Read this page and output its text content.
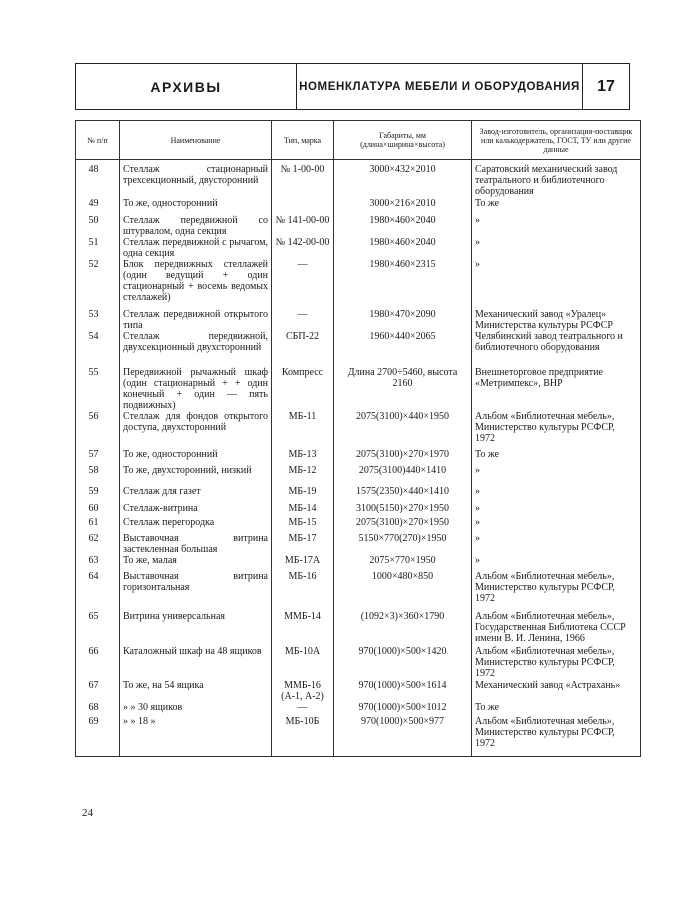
АРХИВЫ	НОМЕНКЛАТУРА МЕБЕЛИ И ОБОРУДОВАНИЯ	17
№ п/п	Наименование	Тип, марка	Габариты, мм (длина×ширина×высота)	Завод-изготовитель, организация-поставщик или калькодержатель, ГОСТ, ТУ или другие данные
48	Стеллаж стационарный трехсекционный, двусторонний	№ 1-00-00	3000×432×2010	Саратовский механический завод театрального и библиотечного оборудования
49	То же, односторонний		3000×216×2010	То же
50	Стеллаж передвижной со штурвалом, одна секция	№ 141-00-00	1980×460×2040	»
51	Стеллаж передвижной с рычагом, одна секция	№ 142-00-00	1980×460×2040	»
52	Блок передвижных стеллажей (один ведущий + один стационарный + восемь ведомых стеллажей)	—	1980×460×2315	»
53	Стеллаж передвижной открытого типа	—	1980×470×2090	Механический завод «Уралец» Министерства культуры РСФСР
54	Стеллаж передвижной, двухсекционный двухсторонний	СБП-22	1960×440×2065	Челябинский завод театрального и библиотечного оборудования
55	Передвижной рычажный шкаф (один стационарный + + один конечный + один — пять подвижных)	Компресс	Длина 2700÷5460, высота 2160	Внешнеторговое предприятие «Метримпекс», ВНР
56	Стеллаж для фондов открытого доступа, двухсторонний	МБ-11	2075(3100)×440×1950	Альбом «Библиотечная мебель», Министерство культуры РСФСР, 1972
57	То же, односторонний	МБ-13	2075(3100)×270×1970	То же
58	То же, двухсторонний, низкий	МБ-12	2075(3100)440×1410	»
59	Стеллаж для газет	МБ-19	1575(2350)×440×1410	»
60	Стеллаж-витрина	МБ-14	3100(5150)×270×1950	»
61	Стеллаж перегородка	МБ-15	2075(3100)×270×1950	»
62	Выставочная витрина застекленная большая	МБ-17	5150×770(270)×1950	»
63	То же, малая	МБ-17А	2075×770×1950	»
64	Выставочная витрина горизонтальная	МБ-16	1000×480×850	Альбом «Библиотечная мебель», Министерство культуры РСФСР, 1972
65	Витрина универсальная	ММБ-14	(1092×3)×360×1790	Альбом «Библиотечная мебель», Государственная Библиотека СССР имени В. И. Ленина, 1966
66	Каталожный шкаф на 48 ящиков	МБ-10А	970(1000)×500×1420	Альбом «Библиотечная мебель», Министерство культуры РСФСР, 1972
67	То же, на 54 ящика	ММБ-16 (А-1, А-2)	970(1000)×500×1614	Механический завод «Астрахань»
68	» » 30 ящиков	—	970(1000)×500×1012	То же
69	» » 18 »	МБ-10Б	970(1000)×500×977	Альбом «Библиотечная мебель», Министерство культуры РСФСР, 1972
24
